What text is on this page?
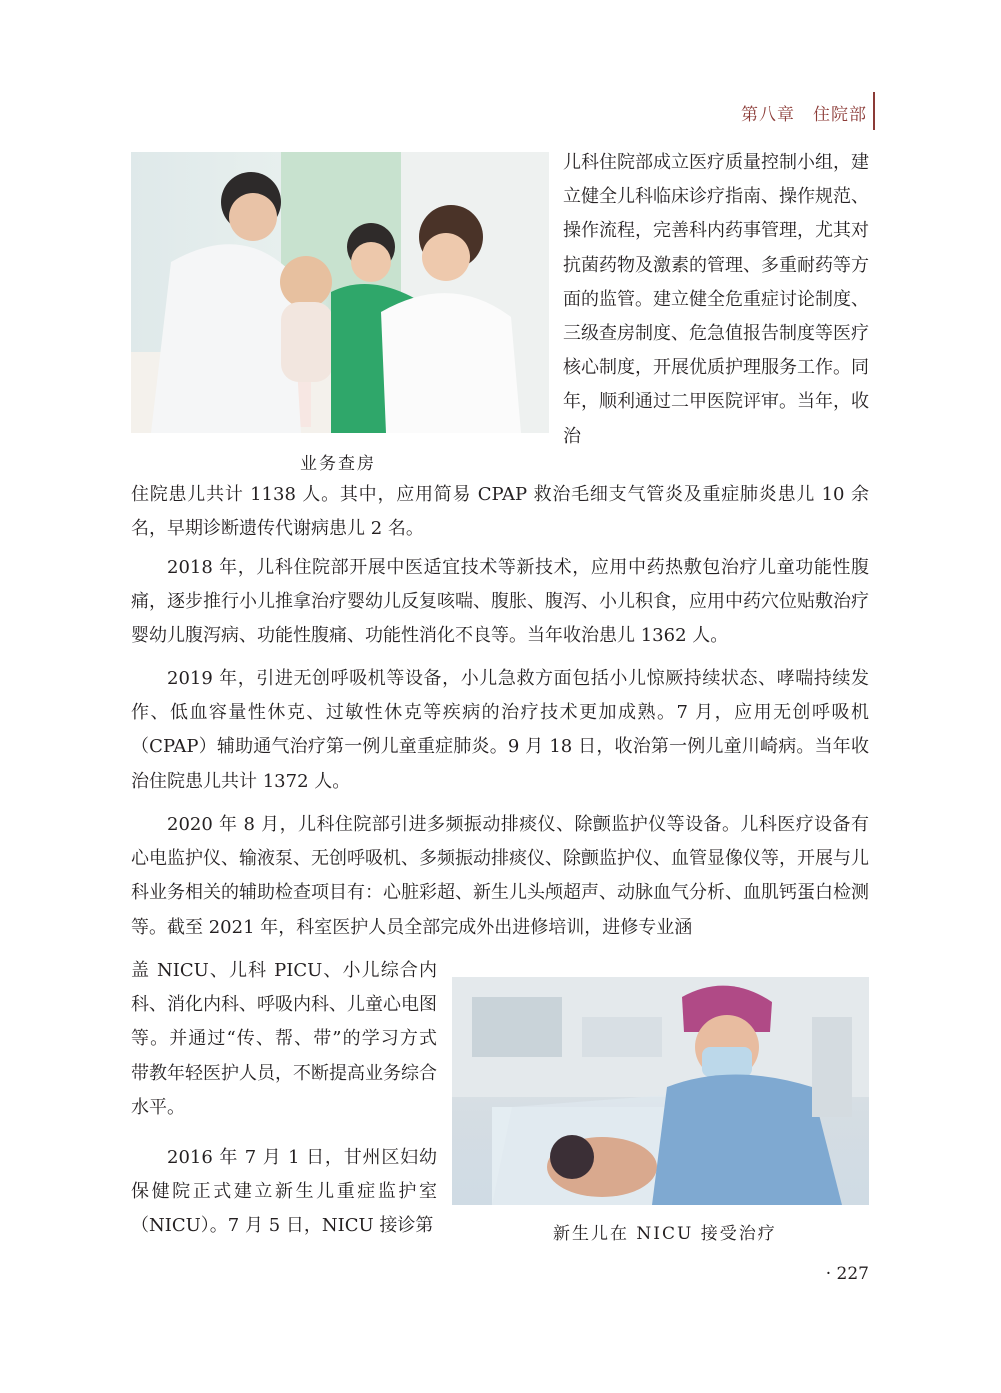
第八章　住院部
业务查房

儿科住院部成立医疗质量控制小组，建立健全儿科临床诊疗指南、操作规范、操作流程，完善科内药事管理，尤其对抗菌药物及激素的管理、多重耐药等方面的监管。建立健全危重症讨论制度、三级查房制度、危急值报告制度等医疗核心制度，开展优质护理服务工作。同年，顺利通过二甲医院评审。当年，收治

住院患儿共计 1138 人。其中，应用简易 CPAP 救治毛细支气管炎及重症肺炎患儿 10 余名，早期诊断遗传代谢病患儿 2 名。

2018 年，儿科住院部开展中医适宜技术等新技术，应用中药热敷包治疗儿童功能性腹痛，逐步推行小儿推拿治疗婴幼儿反复咳喘、腹胀、腹泻、小儿积食，应用中药穴位贴敷治疗婴幼儿腹泻病、功能性腹痛、功能性消化不良等。当年收治患儿 1362 人。

2019 年，引进无创呼吸机等设备，小儿急救方面包括小儿惊厥持续状态、哮喘持续发作、低血容量性休克、过敏性休克等疾病的治疗技术更加成熟。7 月，应用无创呼吸机（CPAP）辅助通气治疗第一例儿童重症肺炎。9 月 18 日，收治第一例儿童川崎病。当年收治住院患儿共计 1372 人。

2020 年 8 月，儿科住院部引进多频振动排痰仪、除颤监护仪等设备。儿科医疗设备有心电监护仪、输液泵、无创呼吸机、多频振动排痰仪、除颤监护仪、血管显像仪等，开展与儿科业务相关的辅助检查项目有：心脏彩超、新生儿头颅超声、动脉血气分析、血肌钙蛋白检测等。截至 2021 年，科室医护人员全部完成外出进修培训，进修专业涵

盖 NICU、儿科 PICU、小儿综合内科、消化内科、呼吸内科、儿童心电图等。并通过“传、帮、带”的学习方式带教年轻医护人员，不断提高业务综合水平。

2016 年 7 月 1 日，甘州区妇幼保健院正式建立新生儿重症监护室（NICU）。7 月 5 日，NICU 接诊第	新生儿在 NICU 接受治疗
· 227
